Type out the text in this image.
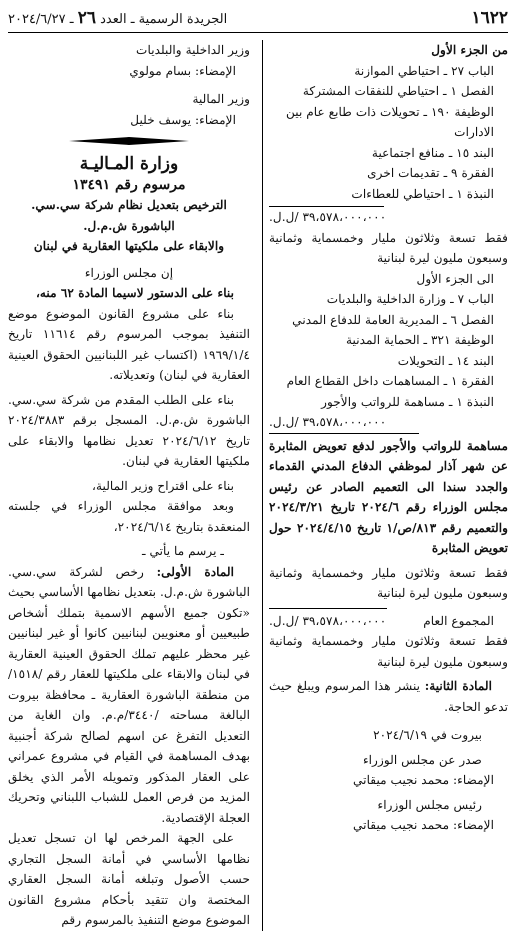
١٦٢٢
الجريدة الرسمية ـ العدد ٢٦ ـ ٢٠٢٤/٦/٢٧

من الجزء الأول

الباب ٢٧ ـ احتياطي الموازنة

الفصل ١ ـ احتياطي للنفقات المشتركة

الوظيفة ١٩٠ ـ تحويلات ذات طابع عام بين

الادارات

البند ١٥ ـ منافع اجتماعية

الفقرة ٩ ـ تقديمات اخرى

النبذة ١ ـ احتياطي للعطاءات

٣٩،٥٧٨،٠٠٠،٠٠٠ /ل.ل.

فقط تسعة وثلاثون مليار وخمسماية وثمانية وسبعون مليون ليرة لبنانية

الى الجزء الأول

الباب ٧ ـ وزارة الداخلية والبلديات

الفصل ٦ ـ المديرية العامة للدفاع المدني

الوظيفة ٣٢١ ـ الحماية المدنية

البند ١٤ ـ التحويلات

الفقرة ١ ـ المساهمات داخل القطاع العام

النبذة ١ ـ مساهمة للرواتب والأجور

٣٩،٥٧٨،٠٠٠،٠٠٠ /ل.ل.

مساهمة للرواتب والأجور لدفع تعويض المثابرة عن شهر آذار لموظفي الدفاع المدني القدماء والجدد سندا الى التعميم الصادر عن رئيس مجلس الوزراء رقم ٢٠٢٤/٦ تاريخ ٢٠٢٤/٣/٢١ والتعميم رقم ٨١٣/ص/١ تاريخ ٢٠٢٤/٤/١٥ حول تعويض المثابرة

فقط تسعة وثلاثون مليار وخمسماية وثمانية وسبعون مليون ليرة لبنانية

المجموع العام
٣٩،٥٧٨،٠٠٠،٠٠٠ /ل.ل.

فقط تسعة وثلاثون مليار وخمسماية وثمانية وسبعون مليون ليرة لبنانية

المادة الثانية: ينشر هذا المرسوم ويبلغ حيث تدعو الحاجة.

بيروت في ٢٠٢٤/٦/١٩

صدر عن مجلس الوزراء

الإمضاء: محمد نجيب ميقاتي

رئيس مجلس الوزراء

الإمضاء: محمد نجيب ميقاتي

وزير الداخلية والبلديات

الإمضاء: بسام مولوي

وزير المالية

الإمضاء: يوسف خليل

وزارة المـاليـة

مرسوم رقم ١٣٤٩١

الترخيص بتعديل نظام شركة سي.سي.

الباشورة ش.م.ل.

والابقاء على ملكيتها العقارية في لبنان

إن مجلس الوزراء

بناء على الدستور لاسيما المادة ٦٢ منه،

بناء على مشروع القانون الموضوع موضع التنفيذ بموجب المرسوم رقم ١١٦١٤ تاريخ ١٩٦٩/١/٤ (اكتساب غير اللبنانيين الحقوق العينية العقارية في لبنان) وتعديلاته.

بناء على الطلب المقدم من شركة سي.سي. الباشورة ش.م.ل. المسجل برقم ٢٠٢٤/٣٨٨٣ تاريخ ٢٠٢٤/٦/١٢ تعديل نظامها والابقاء على ملكيتها العقارية في لبنان.

بناء على اقتراح وزير المالية،

وبعد موافقة مجلس الوزراء في جلسته المنعقدة بتاريخ ٢٠٢٤/٦/١٤،

ـ يرسم ما يأتي ـ

المادة الأولى: رخص لشركة سي.سي. الباشورة ش.م.ل. بتعديل نظامها الأساسي بحيث «تكون جميع الأسهم الاسمية بتملك أشخاص طبيعيين أو معنويين لبنانيين كانوا أو غير لبنانيين غير محظر عليهم تملك الحقوق العينية العقارية في لبنان والابقاء على ملكيتها للعقار رقم /١٥١٨/ من منطقة الباشورة العقارية ـ محافظة بيروت البالغة مساحته /٣٤٤٠/م.م. وان الغاية من التعديل التفرغ عن اسهم لصالح شركة أجنبية بهدف المساهمة في القيام في مشروع عمراني على العقار المذكور وتمويله الأمر الذي يخلق المزيد من فرص العمل للشباب اللبناني وتحريك العجلة الإقتصادية.

على الجهة المرخص لها ان تسجل تعديل نظامها الأساسي في أمانة السجل التجاري حسب الأصول وتبلغه أمانة السجل العقاري المختصة وان تتقيد بأحكام مشروع القانون الموضوع موضع التنفيذ بالمرسوم رقم
